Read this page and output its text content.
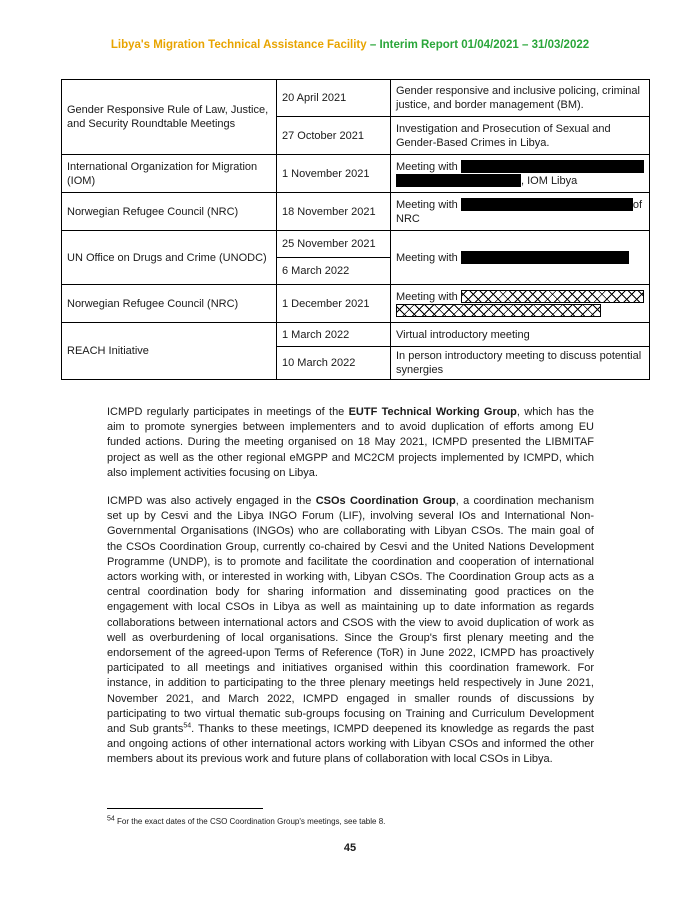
Libya's Migration Technical Assistance Facility – Interim Report 01/04/2021 – 31/03/2022
Gender Responsive Rule of Law, Justice, and Security Roundtable Meetings	20 April 2021	Gender responsive and inclusive policing, criminal justice, and border management (BM).
	27 October 2021	Investigation and Prosecution of Sexual and Gender-Based Crimes in Libya.
International Organization for Migration (IOM)	1 November 2021	Meeting with
, IOM Libya
Norwegian Refugee Council (NRC)	18 November 2021	Meeting with of
NRC
UN Office on Drugs and Crime (UNODC)	25 November 2021	Meeting with
	6 March 2022	
Norwegian Refugee Council (NRC)	1 December 2021	Meeting with

REACH Initiative	1 March 2022	Virtual introductory meeting
	10 March 2022	In person introductory meeting to discuss potential synergies
ICMPD regularly participates in meetings of the EUTF Technical Working Group, which has the aim to promote synergies between implementers and to avoid duplication of efforts among EU funded actions. During the meeting organised on 18 May 2021, ICMPD presented the LIBMITAF project as well as the other regional eMGPP and MC2CM projects implemented by ICMPD, which also implement activities focusing on Libya.
ICMPD was also actively engaged in the CSOs Coordination Group, a coordination mechanism set up by Cesvi and the Libya INGO Forum (LIF), involving several IOs and International Non-Governmental Organisations (INGOs) who are collaborating with Libyan CSOs. The main goal of the CSOs Coordination Group, currently co-chaired by Cesvi and the United Nations Development Programme (UNDP), is to promote and facilitate the coordination and cooperation of international actors working with, or interested in working with, Libyan CSOs. The Coordination Group acts as a central coordination body for sharing information and disseminating good practices on the engagement with local CSOs in Libya as well as maintaining up to date information as regards collaborations between international actors and CSOS with the view to avoid duplication of work as well as overburdening of local organisations. Since the Group's first plenary meeting and the endorsement of the agreed-upon Terms of Reference (ToR) in June 2022, ICMPD has proactively participated to all meetings and initiatives organised within this coordination framework. For instance, in addition to participating to the three plenary meetings held respectively in June 2021, November 2021, and March 2022, ICMPD engaged in smaller rounds of discussions by participating to two virtual thematic sub-groups focusing on Training and Curriculum Development and Sub grants$^{54}$. Thanks to these meetings, ICMPD deepened its knowledge as regards the past and ongoing actions of other international actors working with Libyan CSOs and informed the other members about its previous work and future plans of collaboration with local CSOs in Libya.
$^{54}$ For the exact dates of the CSO Coordination Group's meetings, see table 8.
45
